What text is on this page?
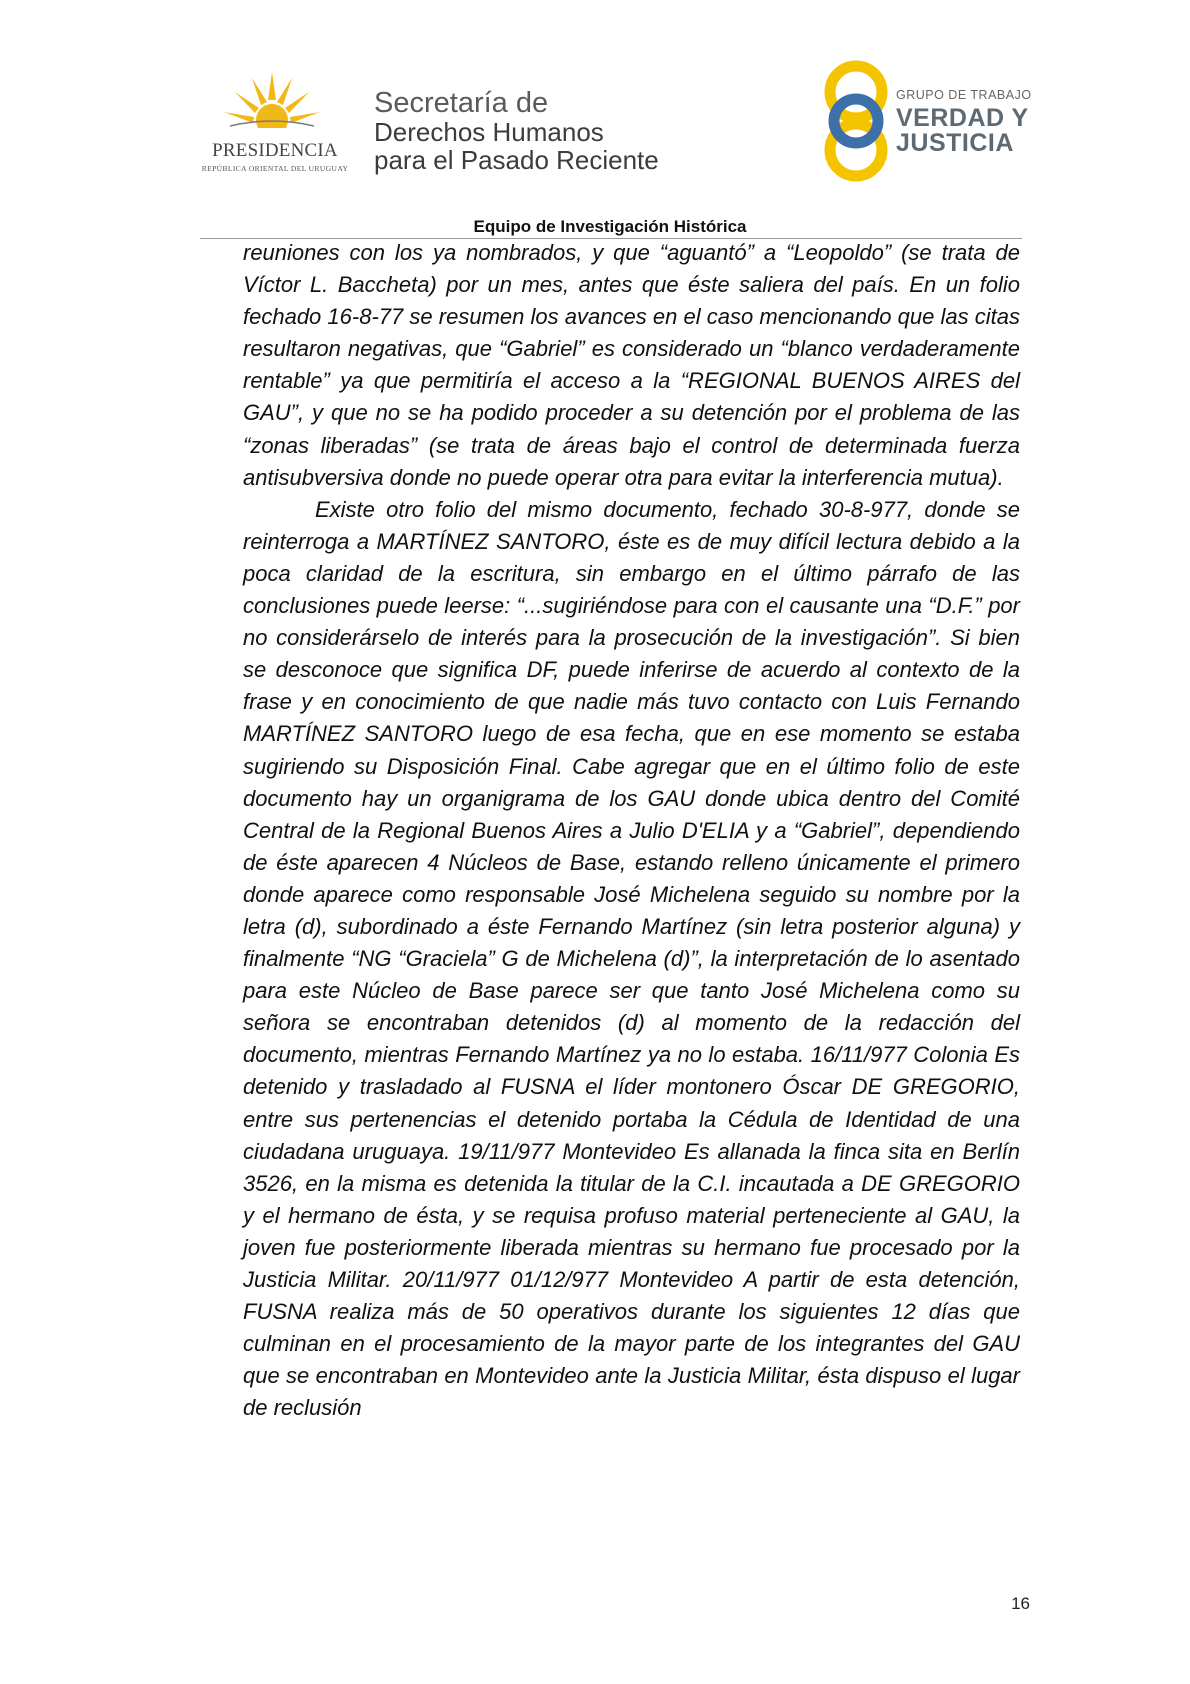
PRESIDENCIA
REPÚBLICA ORIENTAL DEL URUGUAY
Secretaría de
Derechos Humanos
para el Pasado Reciente
GRUPO DE TRABAJO
VERDAD Y
JUSTICIA
Equipo de Investigación Histórica

reuniones con los ya nombrados, y que “aguantó” a “Leopoldo” (se trata de Víctor L. Baccheta) por un mes, antes que éste saliera del país. En un folio fechado 16-8-77 se resumen los avances en el caso mencionando que las citas resultaron negativas, que “Gabriel” es considerado un “blanco verdaderamente rentable” ya que permitiría el acceso a la “REGIONAL BUENOS AIRES del GAU”, y que no se ha podido proceder a su detención por el problema de las “zonas liberadas” (se trata de áreas bajo el control de determinada fuerza antisubversiva donde no puede operar otra para evitar la interferencia mutua).

Existe otro folio del mismo documento, fechado 30-8-977, donde se reinterroga a MARTÍNEZ SANTORO, éste es de muy difícil lectura debido a la poca claridad de la escritura, sin embargo en el último párrafo de las conclusiones puede leerse: “...sugiriéndose para con el causante una “D.F.” por no considerárselo de interés para la prosecución de la investigación”. Si bien se desconoce que significa DF, puede inferirse de acuerdo al contexto de la frase y en conocimiento de que nadie más tuvo contacto con Luis Fernando MARTÍNEZ SANTORO luego de esa fecha, que en ese momento se estaba sugiriendo su Disposición Final. Cabe agregar que en el último folio de este documento hay un organigrama de los GAU donde ubica dentro del Comité Central de la Regional Buenos Aires a Julio D'ELIA y a “Gabriel”, dependiendo de éste aparecen 4 Núcleos de Base, estando relleno únicamente el primero donde aparece como responsable José Michelena seguido su nombre por la letra (d), subordinado a éste Fernando Martínez (sin letra posterior alguna) y finalmente “NG “Graciela” G de Michelena (d)”, la interpretación de lo asentado para este Núcleo de Base parece ser que tanto José Michelena como su señora se encontraban detenidos (d) al momento de la redacción del documento, mientras Fernando Martínez ya no lo estaba. 16/11/977 Colonia Es detenido y trasladado al FUSNA el líder montonero Óscar DE GREGORIO, entre sus pertenencias el detenido portaba la Cédula de Identidad de una ciudadana uruguaya. 19/11/977 Montevideo Es allanada la finca sita en Berlín 3526, en la misma es detenida la titular de la C.I. incautada a DE GREGORIO y el hermano de ésta, y se requisa profuso material perteneciente al GAU, la joven fue posteriormente liberada mientras su hermano fue procesado por la Justicia Militar. 20/11/977 01/12/977 Montevideo A partir de esta detención, FUSNA realiza más de 50 operativos durante los siguientes 12 días que culminan en el procesamiento de la mayor parte de los integrantes del GAU que se encontraban en Montevideo ante la Justicia Militar, ésta dispuso el lugar de reclusión

16
